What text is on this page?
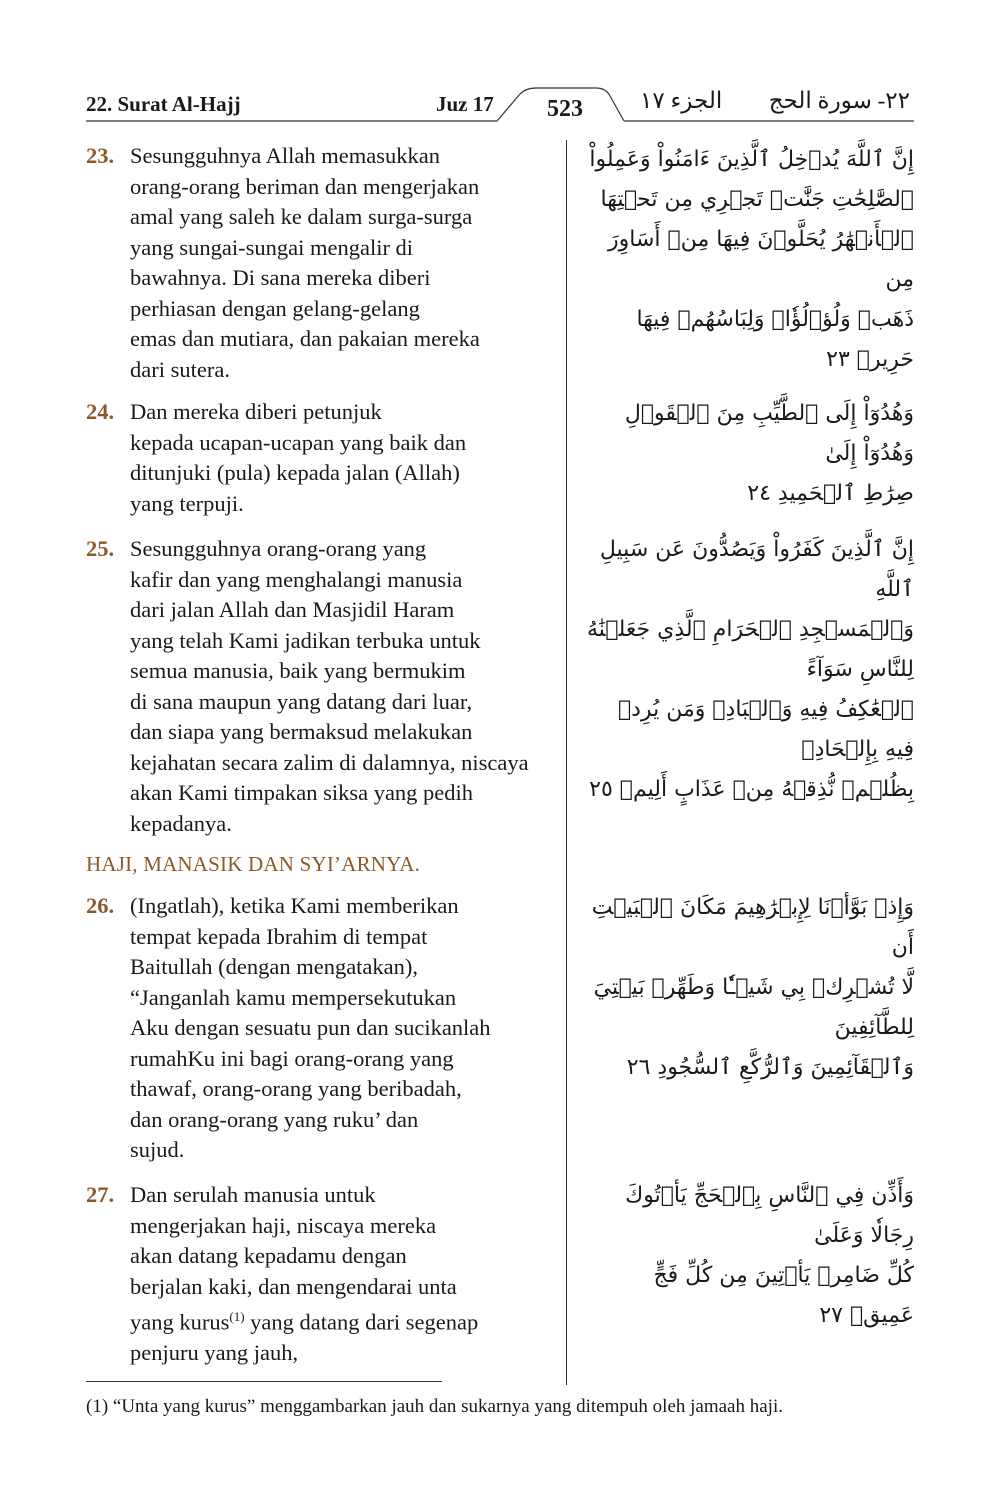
22. Surat Al-Hajj	Juz 17	523	الجزء ١٧ ٢٢- سورة الحج
23. Sesungguhnya Allah memasukkan
orang-orang beriman dan mengerjakan
amal yang saleh ke dalam surga-surga
yang sungai-sungai mengalir di
bawahnya. Di sana mereka diberi
perhiasan dengan gelang-gelang
emas dan mutiara, dan pakaian mereka
dari sutera.
إِنَّ ٱللَّهَ يُدۡخِلُ ٱلَّذِينَ ءَامَنُواْ وَعَمِلُواْ
ٱلصَّٰلِحَٰتِ جَنَّٰتٖ تَجۡرِي مِن تَحۡتِهَا
ٱلۡأَنۡهَٰرُ يُحَلَّوۡنَ فِيهَا مِنۡ أَسَاوِرَ مِن
ذَهَبٖ وَلُؤۡلُؤٗاۖ وَلِبَاسُهُمۡ فِيهَا حَرِيرٞ ٢٣
24. Dan mereka diberi petunjuk
kepada ucapan-ucapan yang baik dan
ditunjuki (pula) kepada jalan (Allah)
yang terpuji.
وَهُدُوٓاْ إِلَى ٱلطَّيِّبِ مِنَ ٱلۡقَوۡلِ وَهُدُوٓاْ إِلَىٰ
صِرَٰطِ ٱلۡحَمِيدِ ٢٤
25. Sesungguhnya orang-orang yang
kafir dan yang menghalangi manusia
dari jalan Allah dan Masjidil Haram
yang telah Kami jadikan terbuka untuk
semua manusia, baik yang bermukim
di sana maupun yang datang dari luar,
dan siapa yang bermaksud melakukan
kejahatan secara zalim di dalamnya, niscaya
akan Kami timpakan siksa yang pedih
kepadanya.
إِنَّ ٱلَّذِينَ كَفَرُواْ وَيَصُدُّونَ عَن سَبِيلِ ٱللَّهِ
وَٱلۡمَسۡجِدِ ٱلۡحَرَامِ ٱلَّذِي جَعَلۡنَٰهُ لِلنَّاسِ سَوَآءً
ٱلۡعَٰكِفُ فِيهِ وَٱلۡبَادِۚ وَمَن يُرِدۡ فِيهِ بِإِلۡحَادِۢ
بِظُلۡمٖ نُّذِقۡهُ مِنۡ عَذَابٍ أَلِيمٖ ٢٥
HAJI, MANASIK DAN SYI’ARNYA.
26. (Ingatlah), ketika Kami memberikan
tempat kepada Ibrahim di tempat
Baitullah (dengan mengatakan),
“Janganlah kamu mempersekutukan
Aku dengan sesuatu pun dan sucikanlah
rumahKu ini bagi orang-orang yang
thawaf, orang-orang yang beribadah,
dan orang-orang yang ruku’ dan
sujud.
وَإِذۡ بَوَّأۡنَا لِإِبۡرَٰهِيمَ مَكَانَ ٱلۡبَيۡتِ أَن
لَّا تُشۡرِكۡ بِي شَيۡـٔٗا وَطَهِّرۡ بَيۡتِيَ لِلطَّآئِفِينَ
وَٱلۡقَآئِمِينَ وَٱلرُّكَّعِ ٱلسُّجُودِ ٢٦
27. Dan serulah manusia untuk
mengerjakan haji, niscaya mereka
akan datang kepadamu dengan
berjalan kaki, dan mengendarai unta
yang kurus$^{(1)}$ yang datang dari segenap
penjuru yang jauh,
وَأَذِّن فِي ٱلنَّاسِ بِٱلۡحَجِّ يَأۡتُوكَ رِجَالٗا وَعَلَىٰ
كُلِّ ضَامِرٖ يَأۡتِينَ مِن كُلِّ فَجٍّ عَمِيقٖ ٢٧
(1) “Unta yang kurus” menggambarkan jauh dan sukarnya yang ditempuh oleh jamaah haji.
